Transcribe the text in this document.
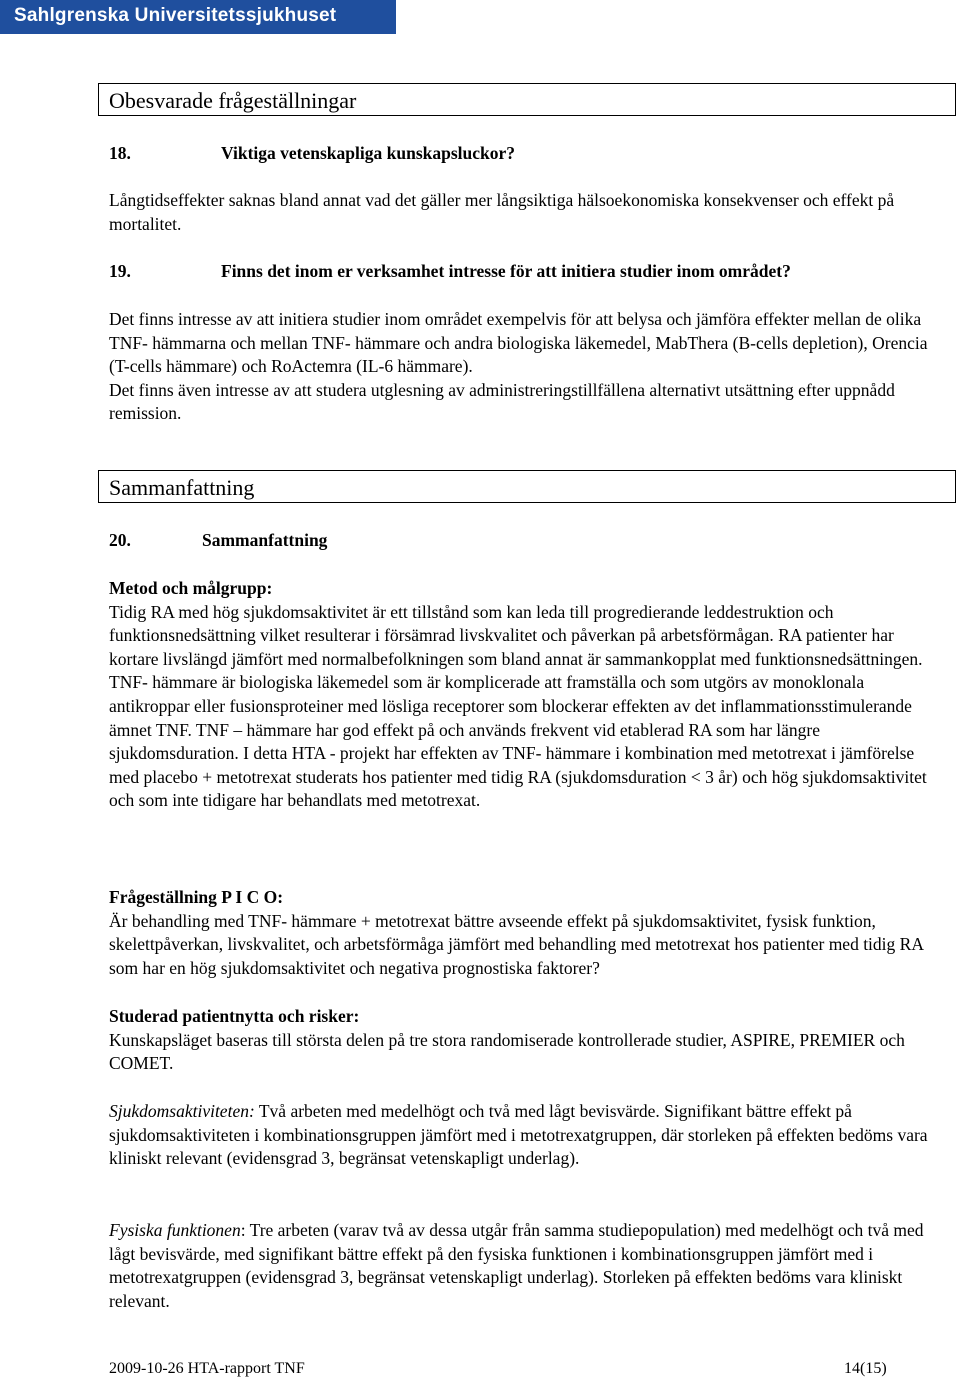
Sahlgrenska Universitetssjukhuset
Obesvarade frågeställningar
18.	Viktiga vetenskapliga kunskapsluckor?
Långtidseffekter saknas bland annat vad det gäller mer långsiktiga hälsoekonomiska konsekvenser och effekt på mortalitet.
19.	Finns det inom er verksamhet intresse för att initiera studier inom området?
Det finns intresse av att initiera studier inom området exempelvis för att belysa och jämföra effekter mellan de olika TNF- hämmarna och mellan TNF- hämmare och andra biologiska läkemedel, MabThera (B-cells depletion), Orencia (T-cells hämmare) och RoActemra (IL-6 hämmare).
Det finns även intresse av att studera utglesning av administreringstillfällena alternativt utsättning efter uppnådd remission.
Sammanfattning
20.	Sammanfattning
Metod och målgrupp:
Tidig RA med hög sjukdomsaktivitet är ett tillstånd som kan leda till progredierande leddestruktion och funktionsnedsättning vilket resulterar i försämrad livskvalitet och påverkan på arbetsförmågan. RA patienter har kortare livslängd jämfört med normalbefolkningen som bland annat är sammankopplat med funktionsnedsättningen. TNF- hämmare är biologiska läkemedel som är komplicerade att framställa och som utgörs av monoklonala antikroppar eller fusionsproteiner med lösliga receptorer som blockerar effekten av det inflammationsstimulerande ämnet TNF. TNF – hämmare har god effekt på och används frekvent vid etablerad RA som har längre sjukdomsduration. I detta HTA - projekt har effekten av TNF- hämmare i kombination med metotrexat i jämförelse med placebo + metotrexat studerats hos patienter med tidig RA (sjukdomsduration < 3 år) och hög sjukdomsaktivitet och som inte tidigare har behandlats med metotrexat.
Frågeställning P I C O:
Är behandling med TNF- hämmare + metotrexat bättre avseende effekt på sjukdomsaktivitet, fysisk funktion, skelettpåverkan, livskvalitet, och arbetsförmåga jämfört med behandling med metotrexat hos patienter med tidig RA som har en hög sjukdomsaktivitet och negativa prognostiska faktorer?
Studerad patientnytta och risker:
Kunskapsläget baseras till största delen på tre stora randomiserade kontrollerade studier, ASPIRE, PREMIER och COMET.
Sjukdomsaktiviteten: Två arbeten med medelhögt och två med lågt bevisvärde. Signifikant bättre effekt på sjukdomsaktiviteten i kombinationsgruppen jämfört med i metotrexatgruppen, där storleken på effekten bedöms vara kliniskt relevant (evidensgrad 3, begränsat vetenskapligt underlag).
Fysiska funktionen: Tre arbeten (varav två av dessa utgår från samma studiepopulation) med medelhögt och två med lågt bevisvärde, med signifikant bättre effekt på den fysiska funktionen i kombinationsgruppen jämfört med i metotrexatgruppen (evidensgrad 3, begränsat vetenskapligt underlag). Storleken på effekten bedöms vara kliniskt relevant.
2009-10-26 HTA-rapport TNF	14(15)
